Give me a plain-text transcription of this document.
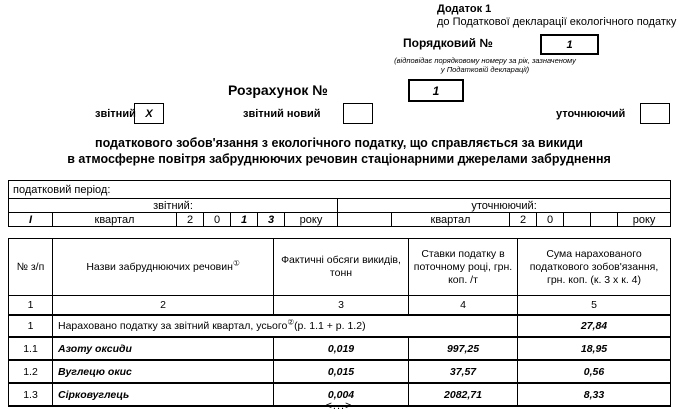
Додаток 1
до Податкової декларації екологічного податку
Порядковий №	1
(відповідає порядковому номеру за рік, зазначеному
у Податковій декларації)
Розрахунок №	1
звітний X	звітний новий	уточнюючий
податкового зобов'язання з екологічного податку, що справляється за викиди
в атмосферне повітря забруднюючих речовин стаціонарними джерелами забруднення
податковий період:													
звітний:							уточнюючий:						
I	квартал	2	0	1	3	року		квартал	2	0			року
№ з/п	Назви забруднюючих речовин①	Фактичні обсяги викидів, тонн	Ставки податку в поточному році, грн. коп. /т	Сума нарахованого податкового зобов'язання, грн. коп. (к. 3 х к. 4)
1	2	3	4	5
1	Нараховано податку за звітний квартал, усього②(р. 1.1 + р. 1.2)			27,84
1.1	Азоту оксиди	0,019	997,25	18,95
1.2	Вуглецю окис	0,015	37,57	0,56
1.3	Сірковуглець	0,004	2082,71	8,33
<...>
